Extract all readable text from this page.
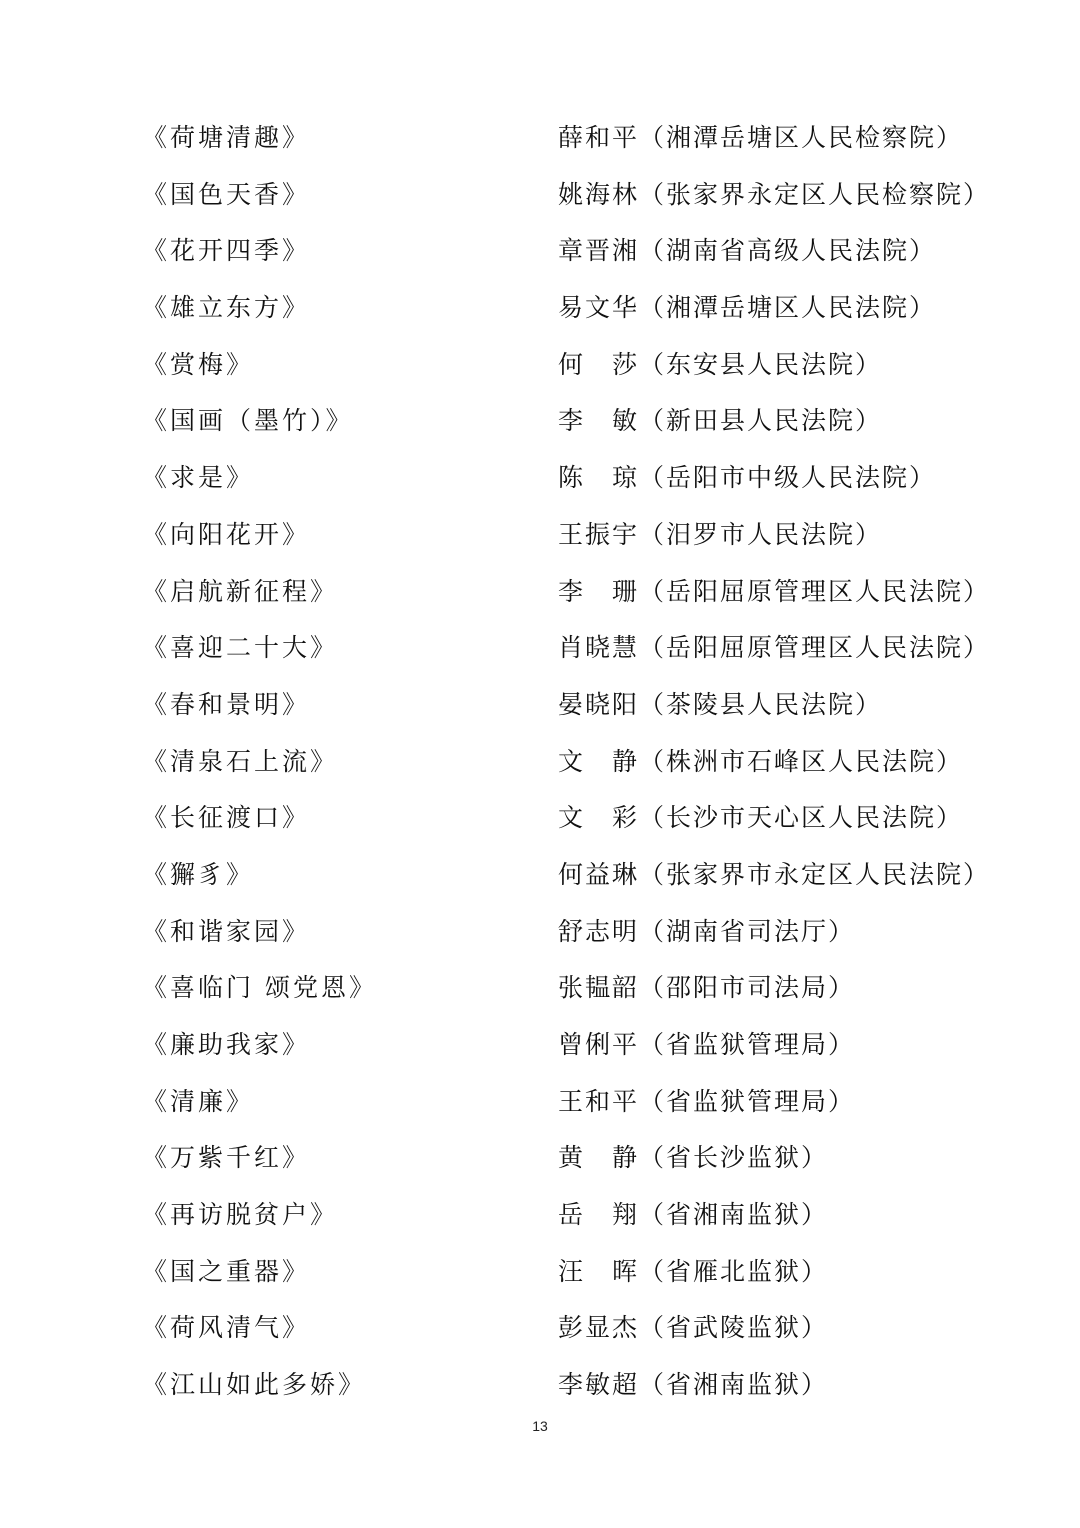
《荷塘清趣》	薛和平（湘潭岳塘区人民检察院）
《国色天香》	姚海林（张家界永定区人民检察院）
《花开四季》	章晋湘（湖南省高级人民法院）
《雄立东方》	易文华（湘潭岳塘区人民法院）
《赏梅》	何　莎（东安县人民法院）
《国画（墨竹）》	李　敏（新田县人民法院）
《求是》	陈　琼（岳阳市中级人民法院）
《向阳花开》	王振宇（汨罗市人民法院）
《启航新征程》	李　珊（岳阳屈原管理区人民法院）
《喜迎二十大》	肖晓慧（岳阳屈原管理区人民法院）
《春和景明》	晏晓阳（茶陵县人民法院）
《清泉石上流》	文　静（株洲市石峰区人民法院）
《长征渡口》	文　彩（长沙市天心区人民法院）
《獬豸》	何益琳（张家界市永定区人民法院）
《和谐家园》	舒志明（湖南省司法厅）
《喜临门 颂党恩》	张韫韶（邵阳市司法局）
《廉助我家》	曾俐平（省监狱管理局）
《清廉》	王和平（省监狱管理局）
《万紫千红》	黄　静（省长沙监狱）
《再访脱贫户》	岳　翔（省湘南监狱）
《国之重器》	汪　晖（省雁北监狱）
《荷风清气》	彭显杰（省武陵监狱）
《江山如此多娇》	李敏超（省湘南监狱）
13
